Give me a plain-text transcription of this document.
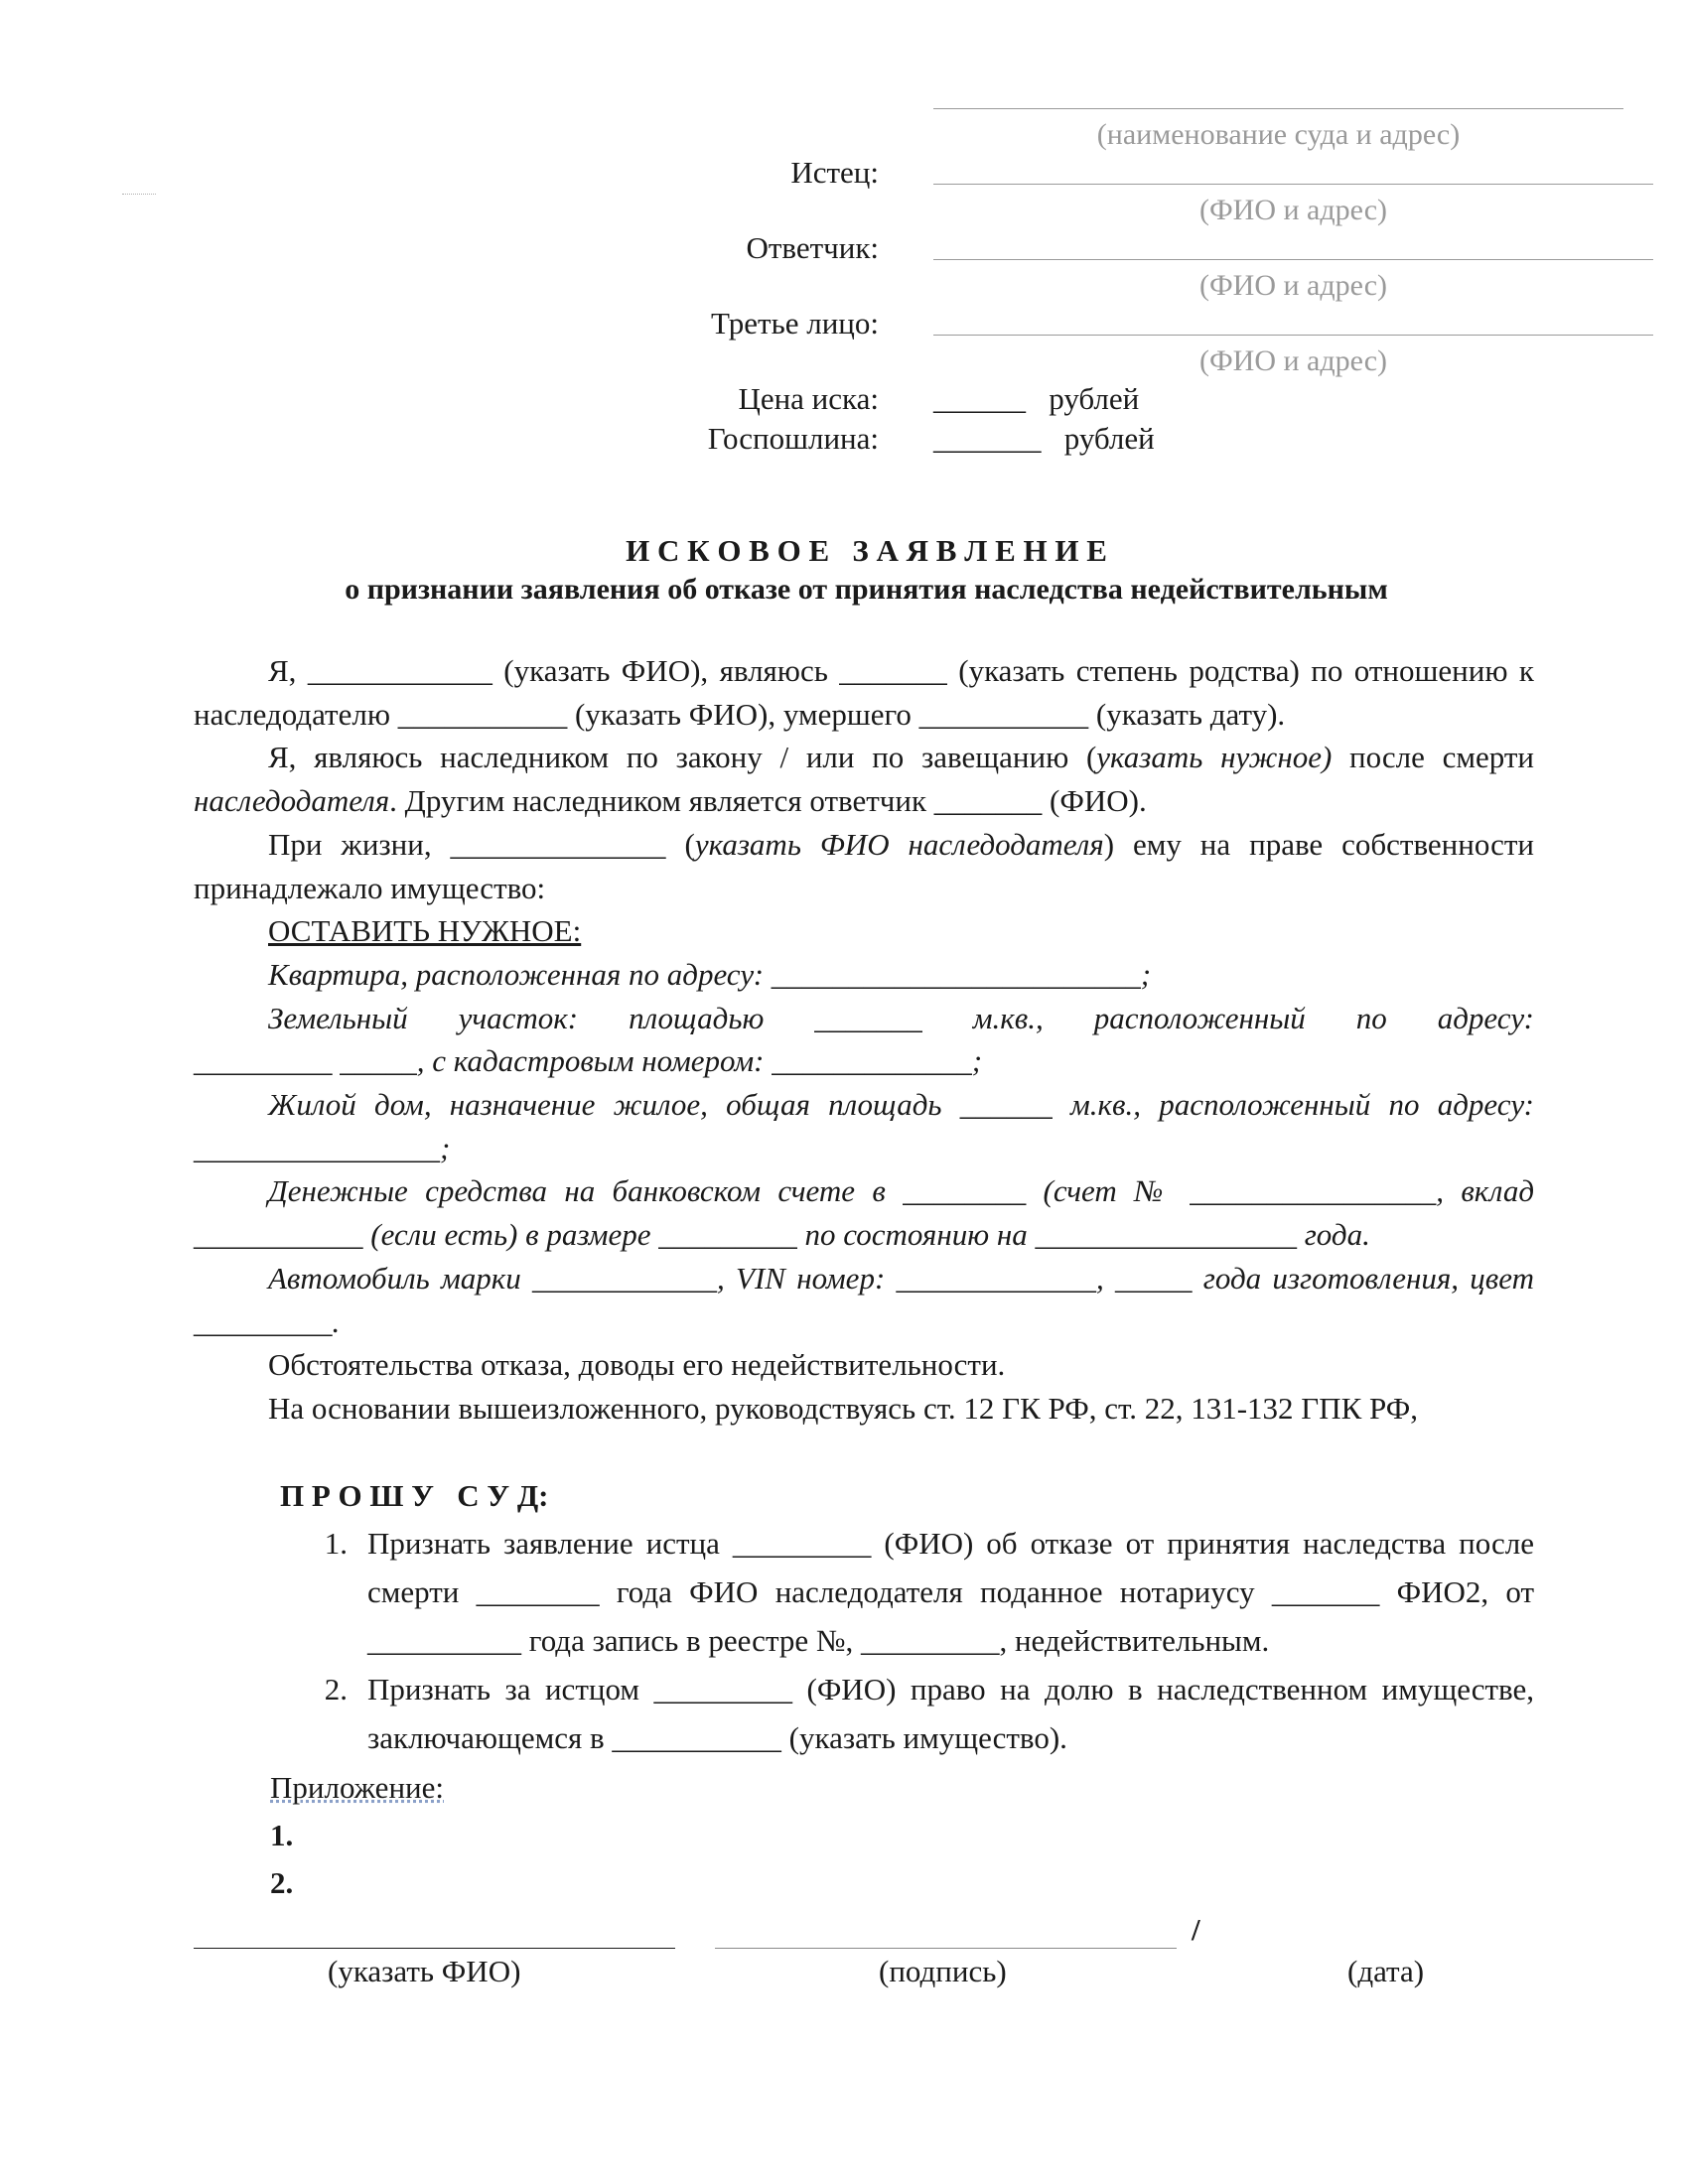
(наименование суда и адрес)
Истец:
(ФИО и адрес)
Ответчик:
(ФИО и адрес)
Третье лицо:
(ФИО и адрес)
Цена иска: ______   рублей
Госпошлина: _______   рублей
И С К О В О Е   З А Я В Л Е Н И Е
о признании заявления об отказе от принятия наследства недействительным

Я, ____________ (указать ФИО), являюсь _______ (указать степень родства) по отношению к наследодателю ___________ (указать ФИО), умершего ___________ (указать дату).

Я, являюсь наследником по закону / или по завещанию (указать нужное) после смерти наследодателя. Другим наследником является ответчик _______ (ФИО).

При жизни, ______________ (указать ФИО наследодателя) ему на праве собственности принадлежало имущество:

ОСТАВИТЬ НУЖНОЕ:

Квартира, расположенная по адресу: ________________________;

Земельный участок: площадью _______ м.кв., расположенный по адресу:

_________ _____, с кадастровым номером: _____________;

Жилой дом, назначение жилое, общая площадь ______ м.кв., расположенный по адресу:

________________;

Денежные средства на банковском счете в ________ (счет № ________________, вклад ___________ (если есть) в размере _________ по состоянию на _________________ года.

Автомобиль марки ____________, VIN номер: _____________, _____ года изготовления, цвет _________.

Обстоятельства отказа, доводы его недействительности.

На основании вышеизложенного, руководствуясь ст. 12 ГК РФ, ст. 22, 131-132 ГПК РФ,

П Р О Ш У   С У Д:
1. Признать заявление истца _________ (ФИО) об отказе от принятия наследства после смерти ________ года ФИО наследодателя поданное нотариусу _______ ФИО2, от __________ года запись в реестре №, _________, недействительным.
2. Признать за истцом _________ (ФИО) право на долю в наследственном имуществе, заключающемся в ___________ (указать имущество).
Приложение:
1.
2.
/
(указать ФИО)	(подпись)	(дата)
